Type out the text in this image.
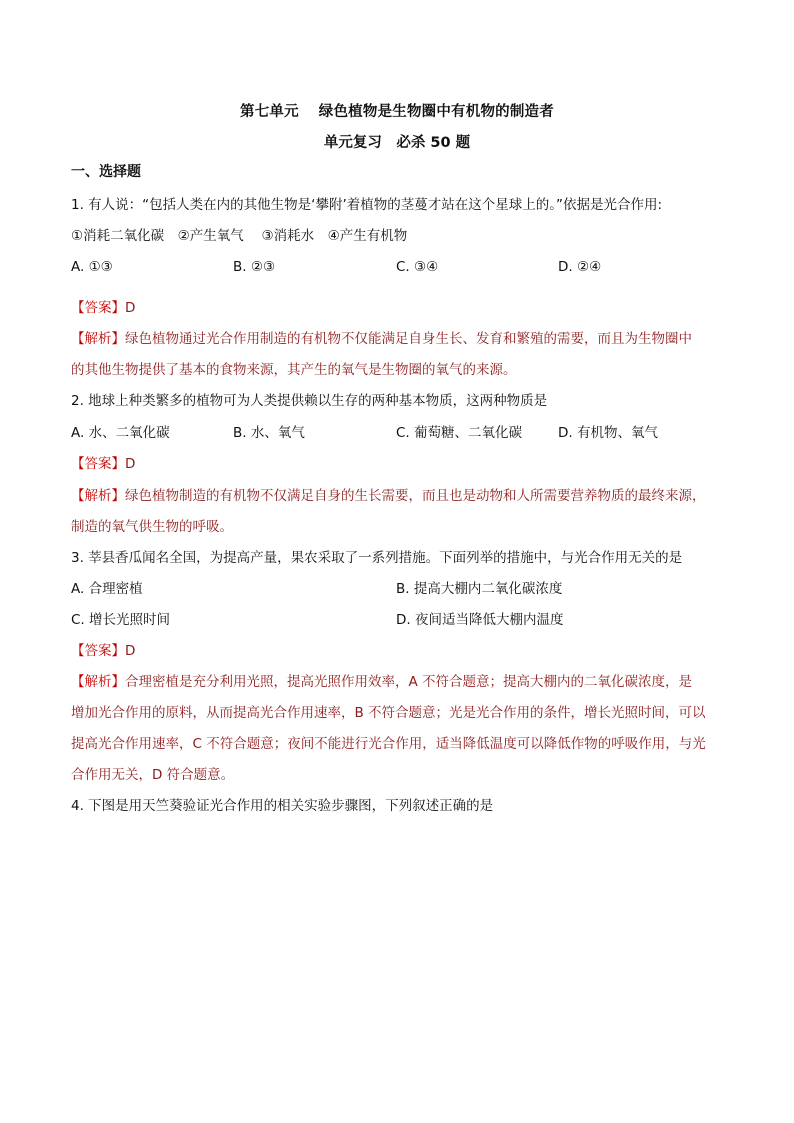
第七单元　 绿色植物是生物圈中有机物的制造者
单元复习　必杀 50 题
一、选择题
1. 有人说：“包括人类在内的其他生物是‘攀附’着植物的茎蔓才站在这个星球上的。”依据是光合作用:
①消耗二氧化碳　②产生氧气　 ③消耗水　④产生有机物
A. ①③	B. ②③	C. ③④	D. ②④
【答案】D
【解析】绿色植物通过光合作用制造的有机物不仅能满足自身生长、发育和繁殖的需要，而且为生物圈中
的其他生物提供了基本的食物来源，其产生的氧气是生物圈的氧气的来源。
2. 地球上种类繁多的植物可为人类提供赖以生存的两种基本物质，这两种物质是
A. 水、二氧化碳	B. 水、氧气	C. 葡萄糖、二氧化碳	D. 有机物、氧气
【答案】D
【解析】绿色植物制造的有机物不仅满足自身的生长需要，而且也是动物和人所需要营养物质的最终来源，
制造的氧气供生物的呼吸。
3. 莘县香瓜闻名全国，为提高产量，果农采取了一系列措施。下面列举的措施中，与光合作用无关的是
A. 合理密植	B. 提高大棚内二氧化碳浓度
C. 增长光照时间	D. 夜间适当降低大棚内温度
【答案】D
【解析】合理密植是充分利用光照，提高光照作用效率，A 不符合题意；提高大棚内的二氧化碳浓度，是
增加光合作用的原料，从而提高光合作用速率，B 不符合题意；光是光合作用的条件，增长光照时间，可以
提高光合作用速率，C 不符合题意；夜间不能进行光合作用，适当降低温度可以降低作物的呼吸作用，与光
合作用无关，D 符合题意。
4. 下图是用天竺葵验证光合作用的相关实验步骤图，下列叙述正确的是
